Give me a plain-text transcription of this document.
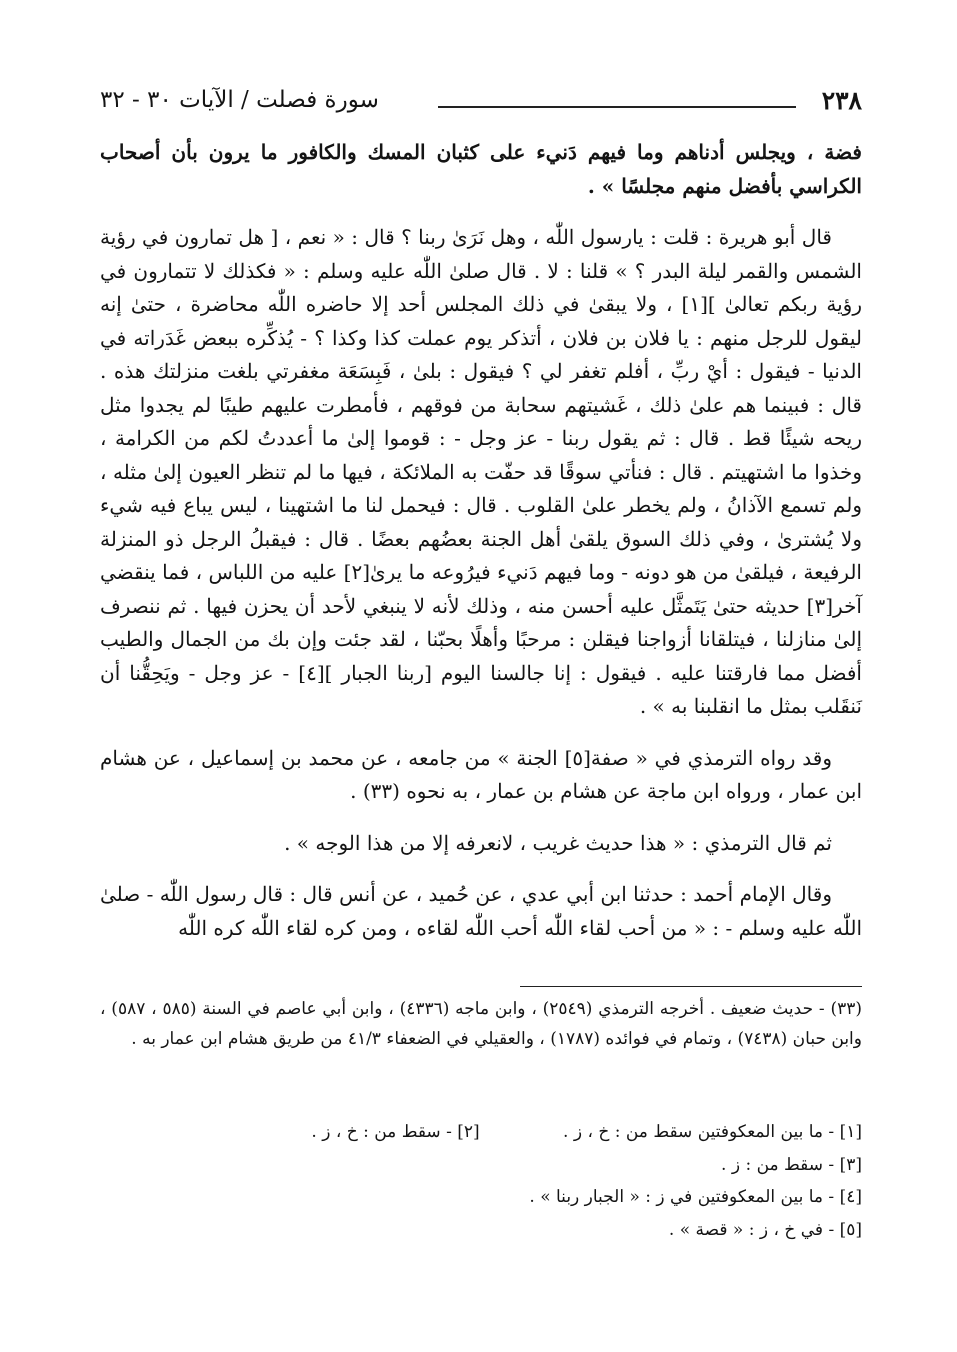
٢٣٨
سورة فصلت / الآيات ٣٠ - ٣٢

فضة ، ويجلس أدناهم وما فيهم دَنيء على كثبان المسك والكافور ما يرون بأن أصحاب الكراسي بأفضل منهم مجلسًا » .

قال أبو هريرة : قلت : يارسول اللّٰه ، وهل نَرَىٰ ربنا ؟ قال : « نعم ، [ هل تمارون في رؤية الشمس والقمر ليلة البدر ؟ » قلنا : لا . قال صلىٰ اللّٰه عليه وسلم : « فكذلك لا تتمارون في رؤية ربكم تعالىٰ ][١] ، ولا يبقىٰ في ذلك المجلس أحد إلا حاضره اللّٰه محاضرة ، حتىٰ إنه ليقول للرجل منهم : يا فلان بن فلان ، أتذكر يوم عملت كذا وكذا ؟ - يُذكِّره ببعض غَدَراته في الدنيا - فيقول : أيْ ربِّ ، أفلم تغفر لي ؟ فيقول : بلىٰ ، فَبِسَعَة مغفرتي بلغت منزلتك هذه . قال : فبينما هم علىٰ ذلك ، غَشيتهم سحابة من فوقهم ، فأمطرت عليهم طيبًا لم يجدوا مثل ريحه شيئًا قط . قال : ثم يقول ربنا - عز وجل - : قوموا إلىٰ ما أعددتُ لكم من الكرامة ، وخذوا ما اشتهيتم . قال : فنأتي سوقًا قد حفّت به الملائكة ، فيها ما لم تنظر العيون إلىٰ مثله ، ولم تسمع الآذانُ ، ولم يخطر علىٰ القلوب . قال : فيحمل لنا ما اشتهينا ، ليس يباع فيه شيء ولا يُشترىٰ ، وفي ذلك السوق يلقىٰ أهل الجنة بعضُهم بعضًا . قال : فيقبلُ الرجل ذو المنزلة الرفيعة ، فيلقىٰ من هو دونه - وما فيهم دَنيء فيرُوعه ما يرىٰ[٢] عليه من اللباس ، فما ينقضي آخر[٣] حديثه حتىٰ يَتَمثَّل عليه أحسن منه ، وذلك لأنه لا ينبغي لأحد أن يحزن فيها . ثم ننصرف إلىٰ منازلنا ، فيتلقانا أزواجنا فيقلن : مرحبًا وأهلًا بحبّنا ، لقد جئت وإن بك من الجمال والطيب أفضل مما فارقتنا عليه . فيقول : إنا جالسنا اليوم [ربنا الجبار ][٤] - عز وجل - ويَحِقُّنا أن نَنقَلب بمثل ما انقلبنا به » .

وقد رواه الترمذي في « صفة[٥] الجنة » من جامعه ، عن محمد بن إسماعيل ، عن هشام ابن عمار ، ورواه ابن ماجة عن هشام بن عمار ، به نحوه (٣٣) .

ثم قال الترمذي : « هذا حديث غريب ، لانعرفه إلا من هذا الوجه » .

وقال الإمام أحمد : حدثنا ابن أبي عدي ، عن حُميد ، عن أنس قال : قال رسول اللّٰه - صلىٰ اللّٰه عليه وسلم - : « من أحب لقاء اللّٰه أحب اللّٰه لقاءه ، ومن كره لقاء اللّٰه كره اللّٰه

(٣٣) - حديث ضعيف . أخرجه الترمذي (٢٥٤٩) ، وابن ماجه (٤٣٣٦) ، وابن أبي عاصم في السنة (٥٨٥ ، ٥٨٧) ، وابن حبان (٧٤٣٨) ، وتمام في فوائده (١٧٨٧) ، والعقيلي في الضعفاء ٤١/٣ من طريق هشام ابن عمار به .

[١] - ما بين المعكوفتين سقط من : خ ، ز . [٢] - سقط من : خ ، ز .
[٣] - سقط من : ز .
[٤] - ما بين المعكوفتين في ز : « الجبار ربنا » .
[٥] - في خ ، ز : « قصة » .
